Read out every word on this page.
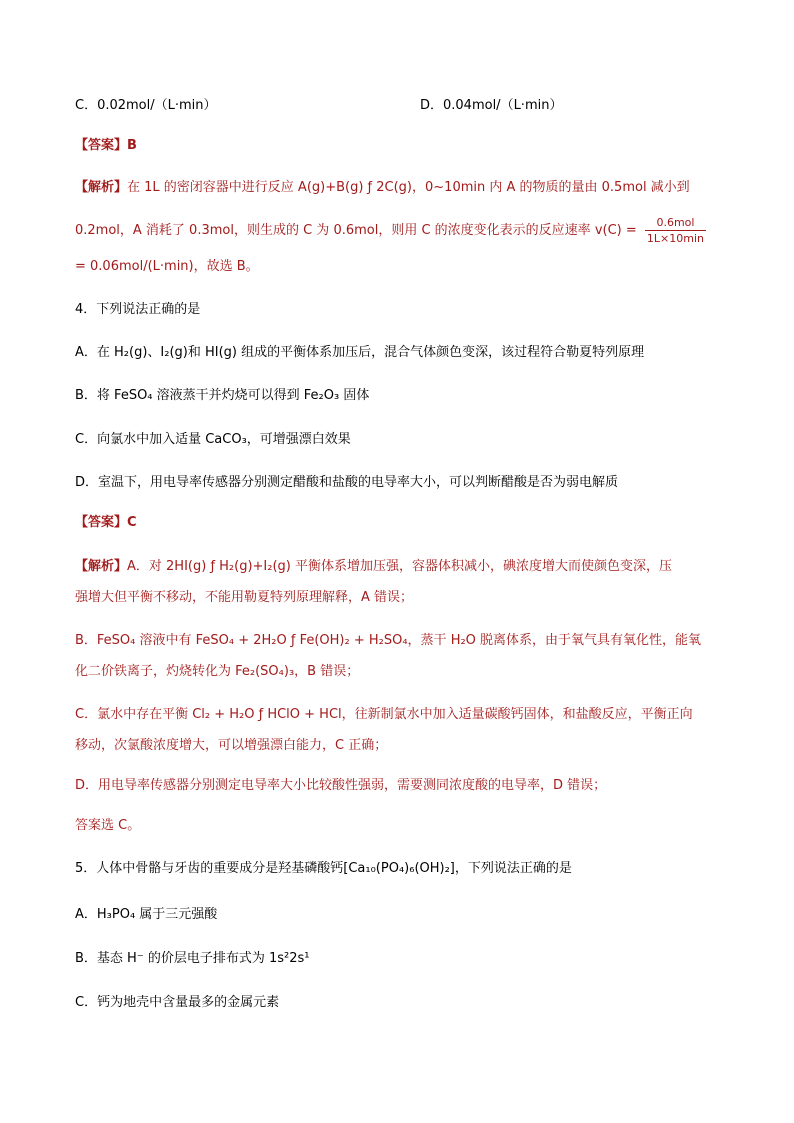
C．0.02mol/（L·min）	D．0.04mol/（L·min）
【答案】B
【解析】在 1L 的密闭容器中进行反应 A(g)+B(g) ƒ 2C(g)，0~10min 内 A 的物质的量由 0.5mol 减小到
0.2mol，A 消耗了 0.3mol，则生成的 C 为 0.6mol，则用 C 的浓度变化表示的反应速率 $v(C) = \frac{\text{0.6mol}}{1L\times 10\min}$
= 0.06mol/(L·min)，故选 B。
4．下列说法正确的是
A．在 H₂(g)、I₂(g)和 HI(g) 组成的平衡体系加压后，混合气体颜色变深，该过程符合勒夏特列原理
B．将 FeSO₄ 溶液蒸干并灼烧可以得到 Fe₂O₃ 固体
C．向氯水中加入适量 CaCO₃，可增强漂白效果
D．室温下，用电导率传感器分别测定醋酸和盐酸的电导率大小，可以判断醋酸是否为弱电解质
【答案】C
【解析】A．对 2HI(g) ƒ H₂(g)+I₂(g) 平衡体系增加压强，容器体积减小，碘浓度增大而使颜色变深，压
强增大但平衡不移动，不能用勒夏特列原理解释，A 错误；
B．FeSO₄ 溶液中有 FeSO₄ + 2H₂O ƒ Fe(OH)₂ + H₂SO₄，蒸干 H₂O 脱离体系，由于氧气具有氧化性，能氧
化二价铁离子，灼烧转化为 Fe₂(SO₄)₃，B 错误；
C．氯水中存在平衡 Cl₂ + H₂O ƒ HClO + HCl，往新制氯水中加入适量碳酸钙固体，和盐酸反应，平衡正向
移动，次氯酸浓度增大，可以增强漂白能力，C 正确；
D．用电导率传感器分别测定电导率大小比较酸性强弱，需要测同浓度酸的电导率，D 错误；
答案选 C。
5．人体中骨骼与牙齿的重要成分是羟基磷酸钙[Ca₁₀(PO₄)₆(OH)₂]，下列说法正确的是
A．H₃PO₄ 属于三元强酸
B．基态 H⁻ 的价层电子排布式为 1s²2s¹
C．钙为地壳中含量最多的金属元素
